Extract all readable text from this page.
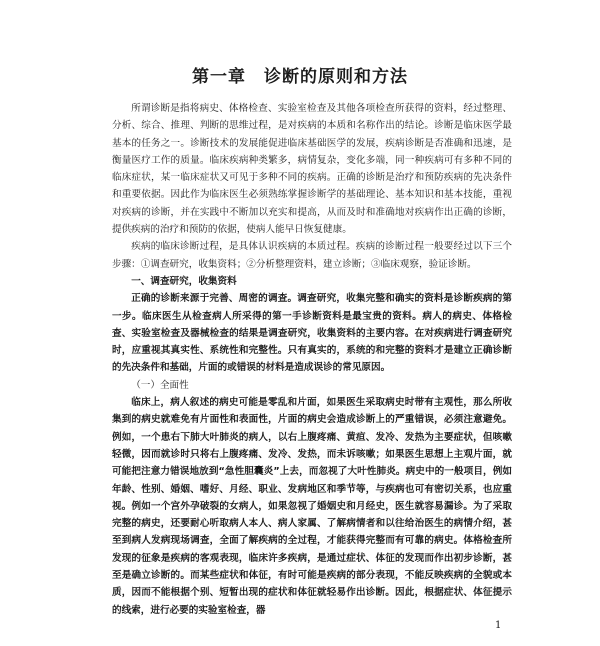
第一章　诊断的原则和方法

所谓诊断是指将病史、体格检查、实验室检查及其他各项检查所获得的资料，经过整理、分析、综合、推理、判断的思维过程，是对疾病的本质和名称作出的结论。诊断是临床医学最基本的任务之一。诊断技术的发展能促进临床基础医学的发展，疾病诊断是否准确和迅速，是衡量医疗工作的质量。临床疾病种类繁多，病情复杂，变化多端，同一种疾病可有多种不同的临床症状，某一临床症状又可见于多种不同的疾病。正确的诊断是治疗和预防疾病的先决条件和重要依据。因此作为临床医生必须熟练掌握诊断学的基础理论、基本知识和基本技能，重视对疾病的诊断，并在实践中不断加以充实和提高，从而及时和准确地对疾病作出正确的诊断，提供疾病的治疗和预防的依据，使病人能早日恢复健康。

疾病的临床诊断过程，是具体认识疾病的本质过程。疾病的诊断过程一般要经过以下三个步骤：①调查研究，收集资料；②分析整理资料，建立诊断；③临床观察，验证诊断。

一、调查研究，收集资料

正确的诊断来源于完善、周密的调查。调查研究，收集完整和确实的资料是诊断疾病的第一步。临床医生从检查病人所采得的第一手诊断资料是最宝贵的资料。病人的病史、体格检查、实验室检查及器械检查的结果是调查研究，收集资料的主要内容。在对疾病进行调查研究时，应重视其真实性、系统性和完整性。只有真实的，系统的和完整的资料才是建立正确诊断的先决条件和基础，片面的或错误的材料是造成误诊的常见原因。

（一）全面性

临床上，病人叙述的病史可能是零乱和片面，如果医生采取病史时带有主观性，那么所收集到的病史就难免有片面性和表面性，片面的病史会造成诊断上的严重错误，必须注意避免。例如，一个患右下肺大叶肺炎的病人，以右上腹疼痛、黄疸、发冷、发热为主要症状，但咳嗽轻微，因而就诊时只将右上腹疼痛、发冷、发热，而未诉咳嗽；如果医生思想上主观片面，就可能把注意力错误地放到“急性胆囊炎”上去，而忽视了大叶性肺炎。病史中的一般项目，例如年龄、性别、婚姻、嗜好、月经、职业、发病地区和季节等，与疾病也可有密切关系，也应重视。例如一个宫外孕破裂的女病人，如果忽视了婚姻史和月经史，医生就容易漏诊。为了采取完整的病史，还要耐心听取病人本人、病人家属、了解病情者和以往给治医生的病情介绍，甚至到病人发病现场调查，全面了解疾病的全过程，才能获得完整而有可靠的病史。体格检查所发现的征象是疾病的客观表现，临床许多疾病，是通过症状、体征的发现而作出初步诊断，甚至是确立诊断的。而某些症状和体征，有时可能是疾病的部分表现，不能反映疾病的全貌或本质，因而不能根据个别、短暂出现的症状和体征就轻易作出诊断。因此，根据症状、体征提示的线索，进行必要的实验室检查，器

1
